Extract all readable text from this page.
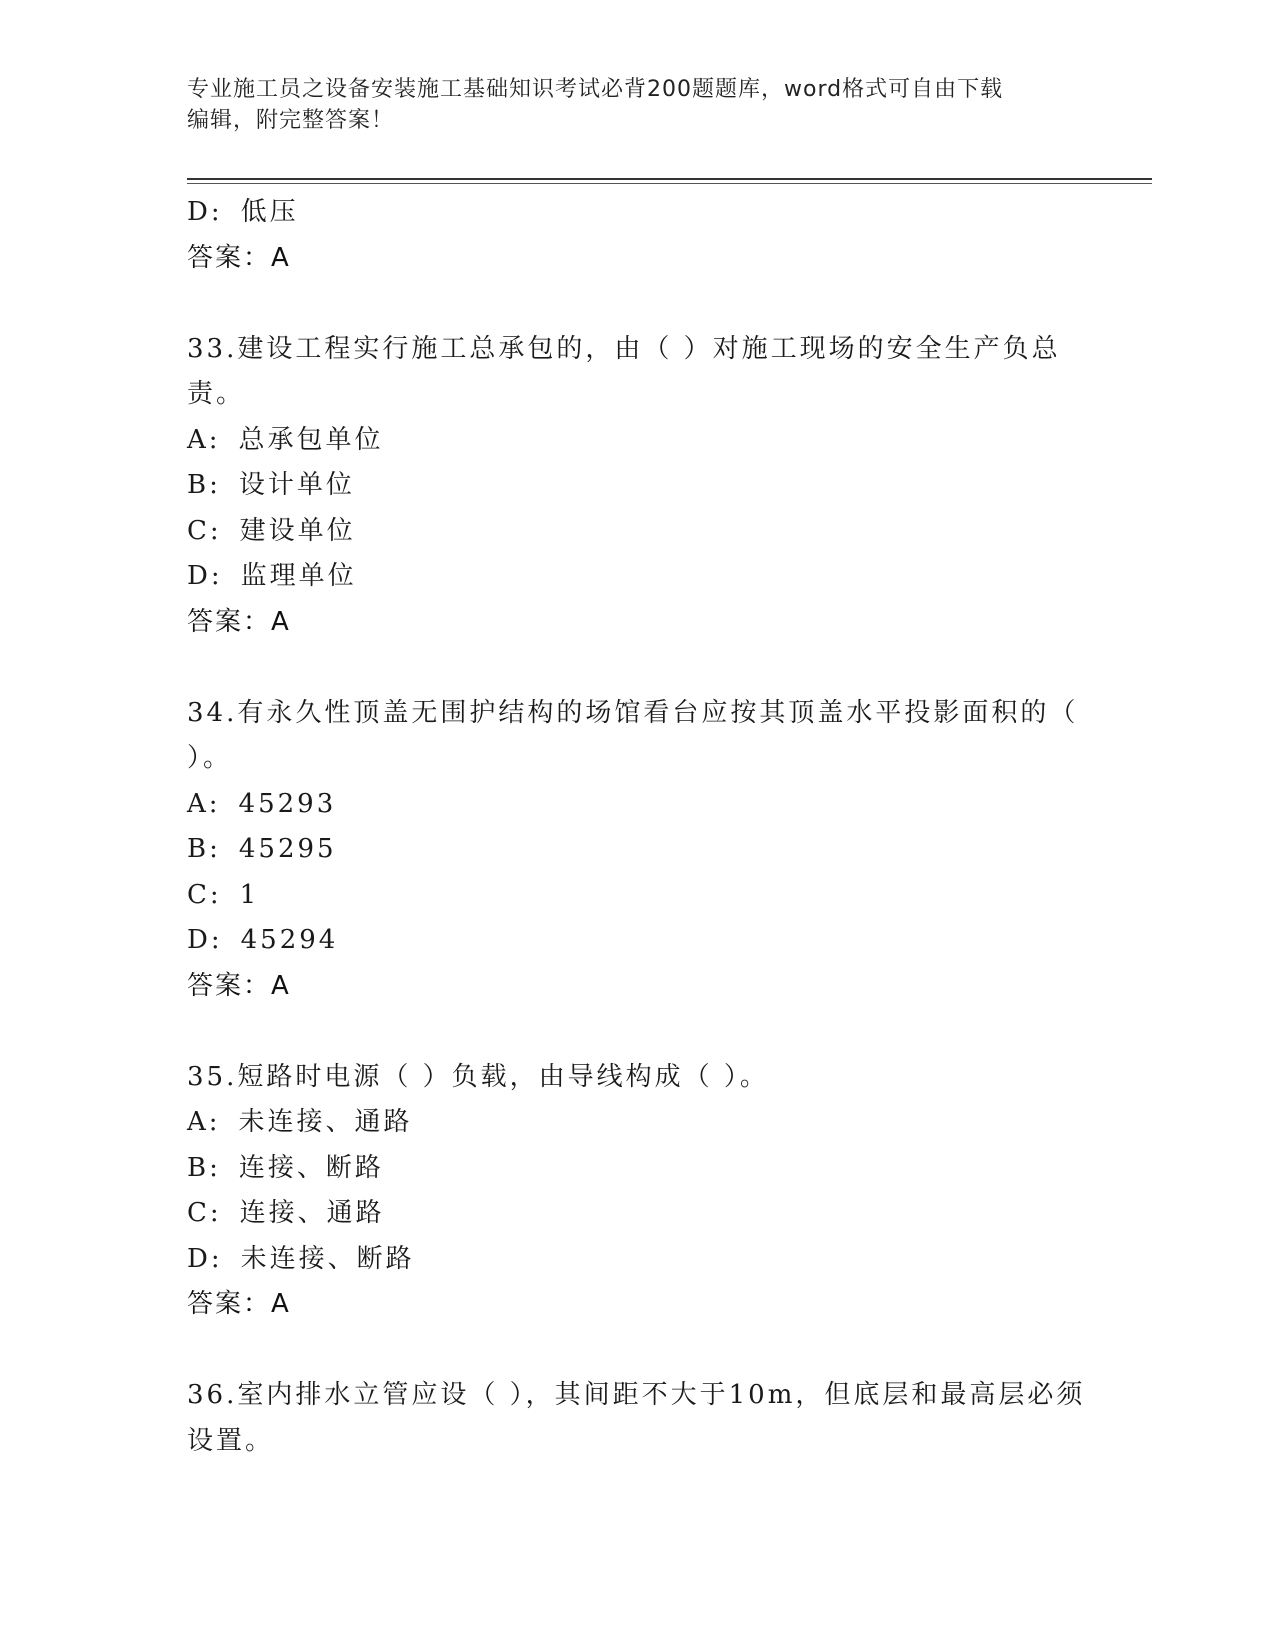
专业施工员之设备安装施工基础知识考试必背200题题库，word格式可自由下载
编辑，附完整答案！
D: 低压
答案：A
33.建设工程实行施工总承包的，由（ ）对施工现场的安全生产负总
责。
A: 总承包单位
B: 设计单位
C: 建设单位
D: 监理单位
答案：A
34.有永久性顶盖无围护结构的场馆看台应按其顶盖水平投影面积的（
）。
A: 45293
B: 45295
C: 1
D: 45294
答案：A
35.短路时电源（ ）负载，由导线构成（ ）。
A: 未连接、通路
B: 连接、断路
C: 连接、通路
D: 未连接、断路
答案：A
36.室内排水立管应设（ ），其间距不大于10m，但底层和最高层必须
设置。
